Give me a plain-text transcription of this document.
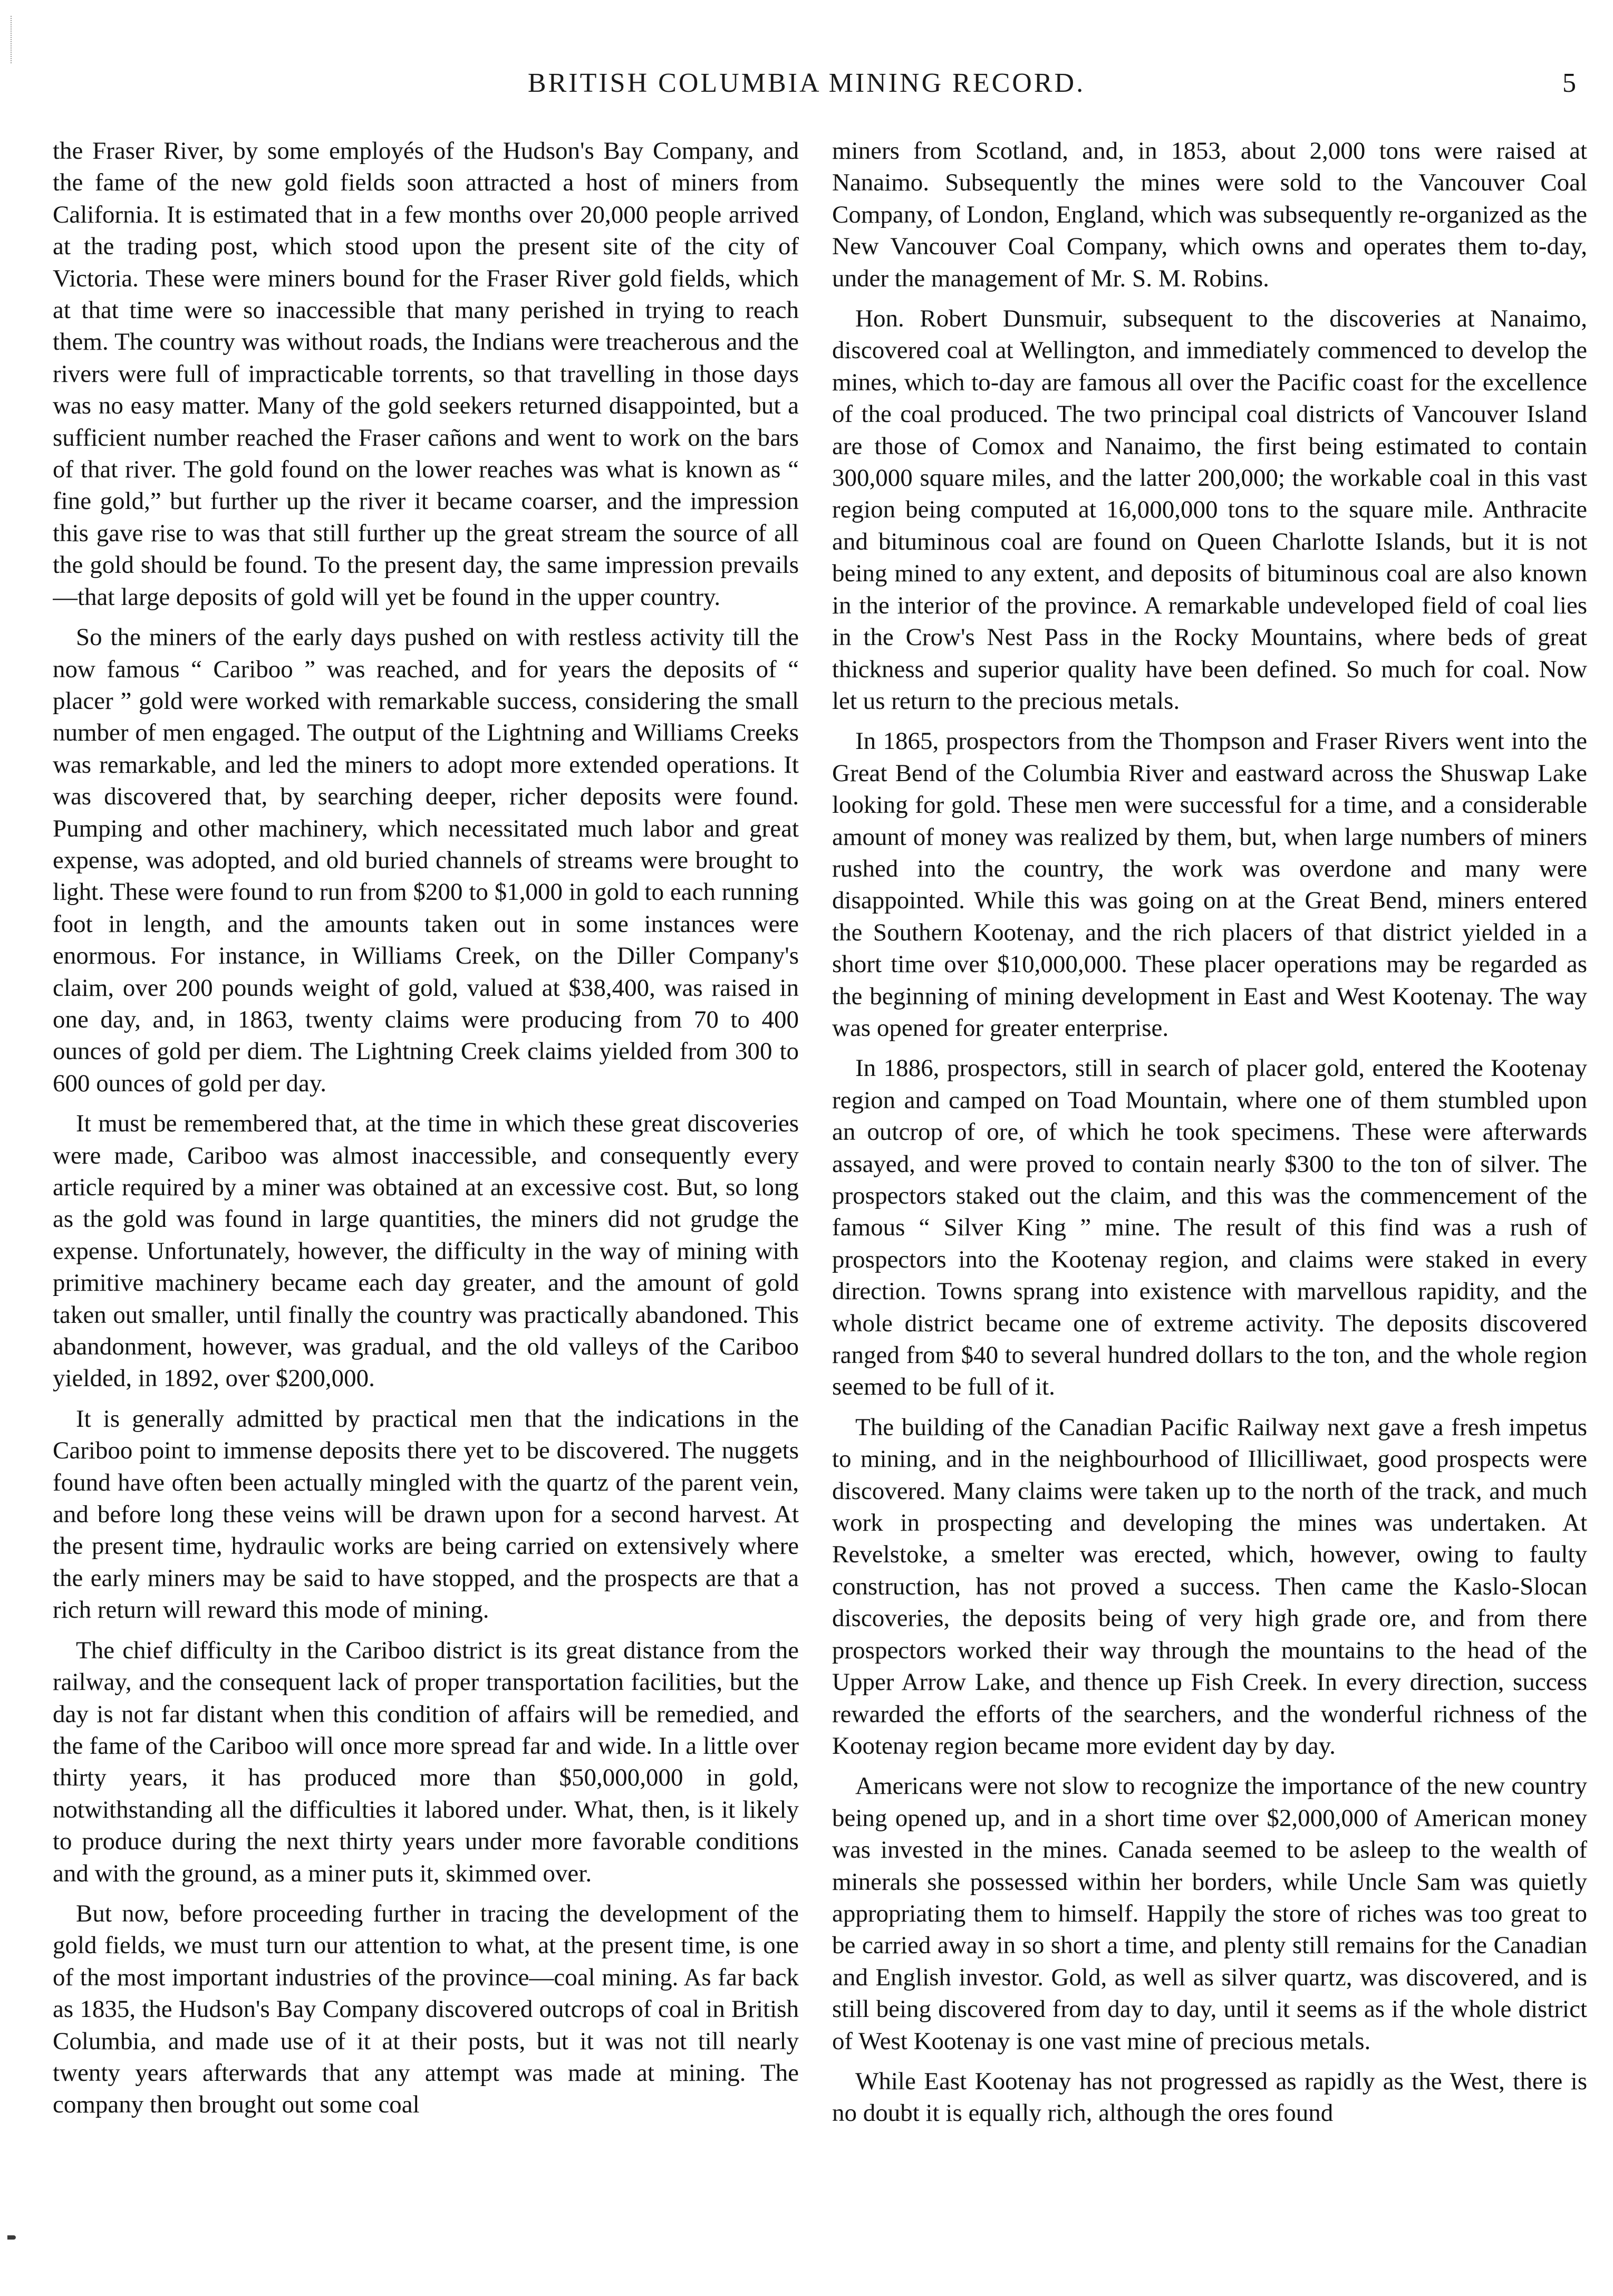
BRITISH COLUMBIA MINING RECORD.	5

the Fraser River, by some employés of the Hudson's Bay Company, and the fame of the new gold fields soon attracted a host of miners from California. It is estimated that in a few months over 20,000 people arrived at the trading post, which stood upon the present site of the city of Victoria. These were miners bound for the Fraser River gold fields, which at that time were so inaccessible that many perished in trying to reach them. The country was without roads, the Indians were treacherous and the rivers were full of impracticable torrents, so that travelling in those days was no easy matter. Many of the gold seekers returned disappointed, but a sufficient number reached the Fraser cañons and went to work on the bars of that river. The gold found on the lower reaches was what is known as “ fine gold,” but further up the river it became coarser, and the impression this gave rise to was that still further up the great stream the source of all the gold should be found. To the present day, the same impression prevails—that large deposits of gold will yet be found in the upper country.

So the miners of the early days pushed on with restless activity till the now famous “ Cariboo ” was reached, and for years the deposits of “ placer ” gold were worked with remarkable success, considering the small number of men engaged. The output of the Lightning and Williams Creeks was remarkable, and led the miners to adopt more extended operations. It was discovered that, by searching deeper, richer deposits were found. Pumping and other machinery, which necessitated much labor and great expense, was adopted, and old buried channels of streams were brought to light. These were found to run from $200 to $1,000 in gold to each running foot in length, and the amounts taken out in some instances were enormous. For instance, in Williams Creek, on the Diller Company's claim, over 200 pounds weight of gold, valued at $38,400, was raised in one day, and, in 1863, twenty claims were producing from 70 to 400 ounces of gold per diem. The Lightning Creek claims yielded from 300 to 600 ounces of gold per day.

It must be remembered that, at the time in which these great discoveries were made, Cariboo was almost inaccessible, and consequently every article required by a miner was obtained at an excessive cost. But, so long as the gold was found in large quantities, the miners did not grudge the expense. Unfortunately, however, the difficulty in the way of mining with primitive machinery became each day greater, and the amount of gold taken out smaller, until finally the country was practically abandoned. This abandonment, however, was gradual, and the old valleys of the Cariboo yielded, in 1892, over $200,000.

It is generally admitted by practical men that the indications in the Cariboo point to immense deposits there yet to be discovered. The nuggets found have often been actually mingled with the quartz of the parent vein, and before long these veins will be drawn upon for a second harvest. At the present time, hydraulic works are being carried on extensively where the early miners may be said to have stopped, and the prospects are that a rich return will reward this mode of mining.

The chief difficulty in the Cariboo district is its great distance from the railway, and the consequent lack of proper transportation facilities, but the day is not far distant when this condition of affairs will be remedied, and the fame of the Cariboo will once more spread far and wide. In a little over thirty years, it has produced more than $50,000,000 in gold, notwithstanding all the difficulties it labored under. What, then, is it likely to produce during the next thirty years under more favorable conditions and with the ground, as a miner puts it, skimmed over.

But now, before proceeding further in tracing the development of the gold fields, we must turn our attention to what, at the present time, is one of the most important industries of the province—coal mining. As far back as 1835, the Hudson's Bay Company discovered outcrops of coal in British Columbia, and made use of it at their posts, but it was not till nearly twenty years afterwards that any attempt was made at mining. The company then brought out some coal

miners from Scotland, and, in 1853, about 2,000 tons were raised at Nanaimo. Subsequently the mines were sold to the Vancouver Coal Company, of London, England, which was subsequently re-organized as the New Vancouver Coal Company, which owns and operates them to-day, under the management of Mr. S. M. Robins.

Hon. Robert Dunsmuir, subsequent to the discoveries at Nanaimo, discovered coal at Wellington, and immediately commenced to develop the mines, which to-day are famous all over the Pacific coast for the excellence of the coal produced. The two principal coal districts of Vancouver Island are those of Comox and Nanaimo, the first being estimated to contain 300,000 square miles, and the latter 200,000; the workable coal in this vast region being computed at 16,000,000 tons to the square mile. Anthracite and bituminous coal are found on Queen Charlotte Islands, but it is not being mined to any extent, and deposits of bituminous coal are also known in the interior of the province. A remarkable undeveloped field of coal lies in the Crow's Nest Pass in the Rocky Mountains, where beds of great thickness and superior quality have been defined. So much for coal. Now let us return to the precious metals.

In 1865, prospectors from the Thompson and Fraser Rivers went into the Great Bend of the Columbia River and eastward across the Shuswap Lake looking for gold. These men were successful for a time, and a considerable amount of money was realized by them, but, when large numbers of miners rushed into the country, the work was overdone and many were disappointed. While this was going on at the Great Bend, miners entered the Southern Kootenay, and the rich placers of that district yielded in a short time over $10,000,000. These placer operations may be regarded as the beginning of mining development in East and West Kootenay. The way was opened for greater enterprise.

In 1886, prospectors, still in search of placer gold, entered the Kootenay region and camped on Toad Mountain, where one of them stumbled upon an outcrop of ore, of which he took specimens. These were afterwards assayed, and were proved to contain nearly $300 to the ton of silver. The prospectors staked out the claim, and this was the commencement of the famous “ Silver King ” mine. The result of this find was a rush of prospectors into the Kootenay region, and claims were staked in every direction. Towns sprang into existence with marvellous rapidity, and the whole district became one of extreme activity. The deposits discovered ranged from $40 to several hundred dollars to the ton, and the whole region seemed to be full of it.

The building of the Canadian Pacific Railway next gave a fresh impetus to mining, and in the neighbourhood of Illicilliwaet, good prospects were discovered. Many claims were taken up to the north of the track, and much work in prospecting and developing the mines was undertaken. At Revelstoke, a smelter was erected, which, however, owing to faulty construction, has not proved a success. Then came the Kaslo-Slocan discoveries, the deposits being of very high grade ore, and from there prospectors worked their way through the mountains to the head of the Upper Arrow Lake, and thence up Fish Creek. In every direction, success rewarded the efforts of the searchers, and the wonderful richness of the Kootenay region became more evident day by day.

Americans were not slow to recognize the importance of the new country being opened up, and in a short time over $2,000,000 of American money was invested in the mines. Canada seemed to be asleep to the wealth of minerals she possessed within her borders, while Uncle Sam was quietly appropriating them to himself. Happily the store of riches was too great to be carried away in so short a time, and plenty still remains for the Canadian and English investor. Gold, as well as silver quartz, was discovered, and is still being discovered from day to day, until it seems as if the whole district of West Kootenay is one vast mine of precious metals.

While East Kootenay has not progressed as rapidly as the West, there is no doubt it is equally rich, although the ores found
